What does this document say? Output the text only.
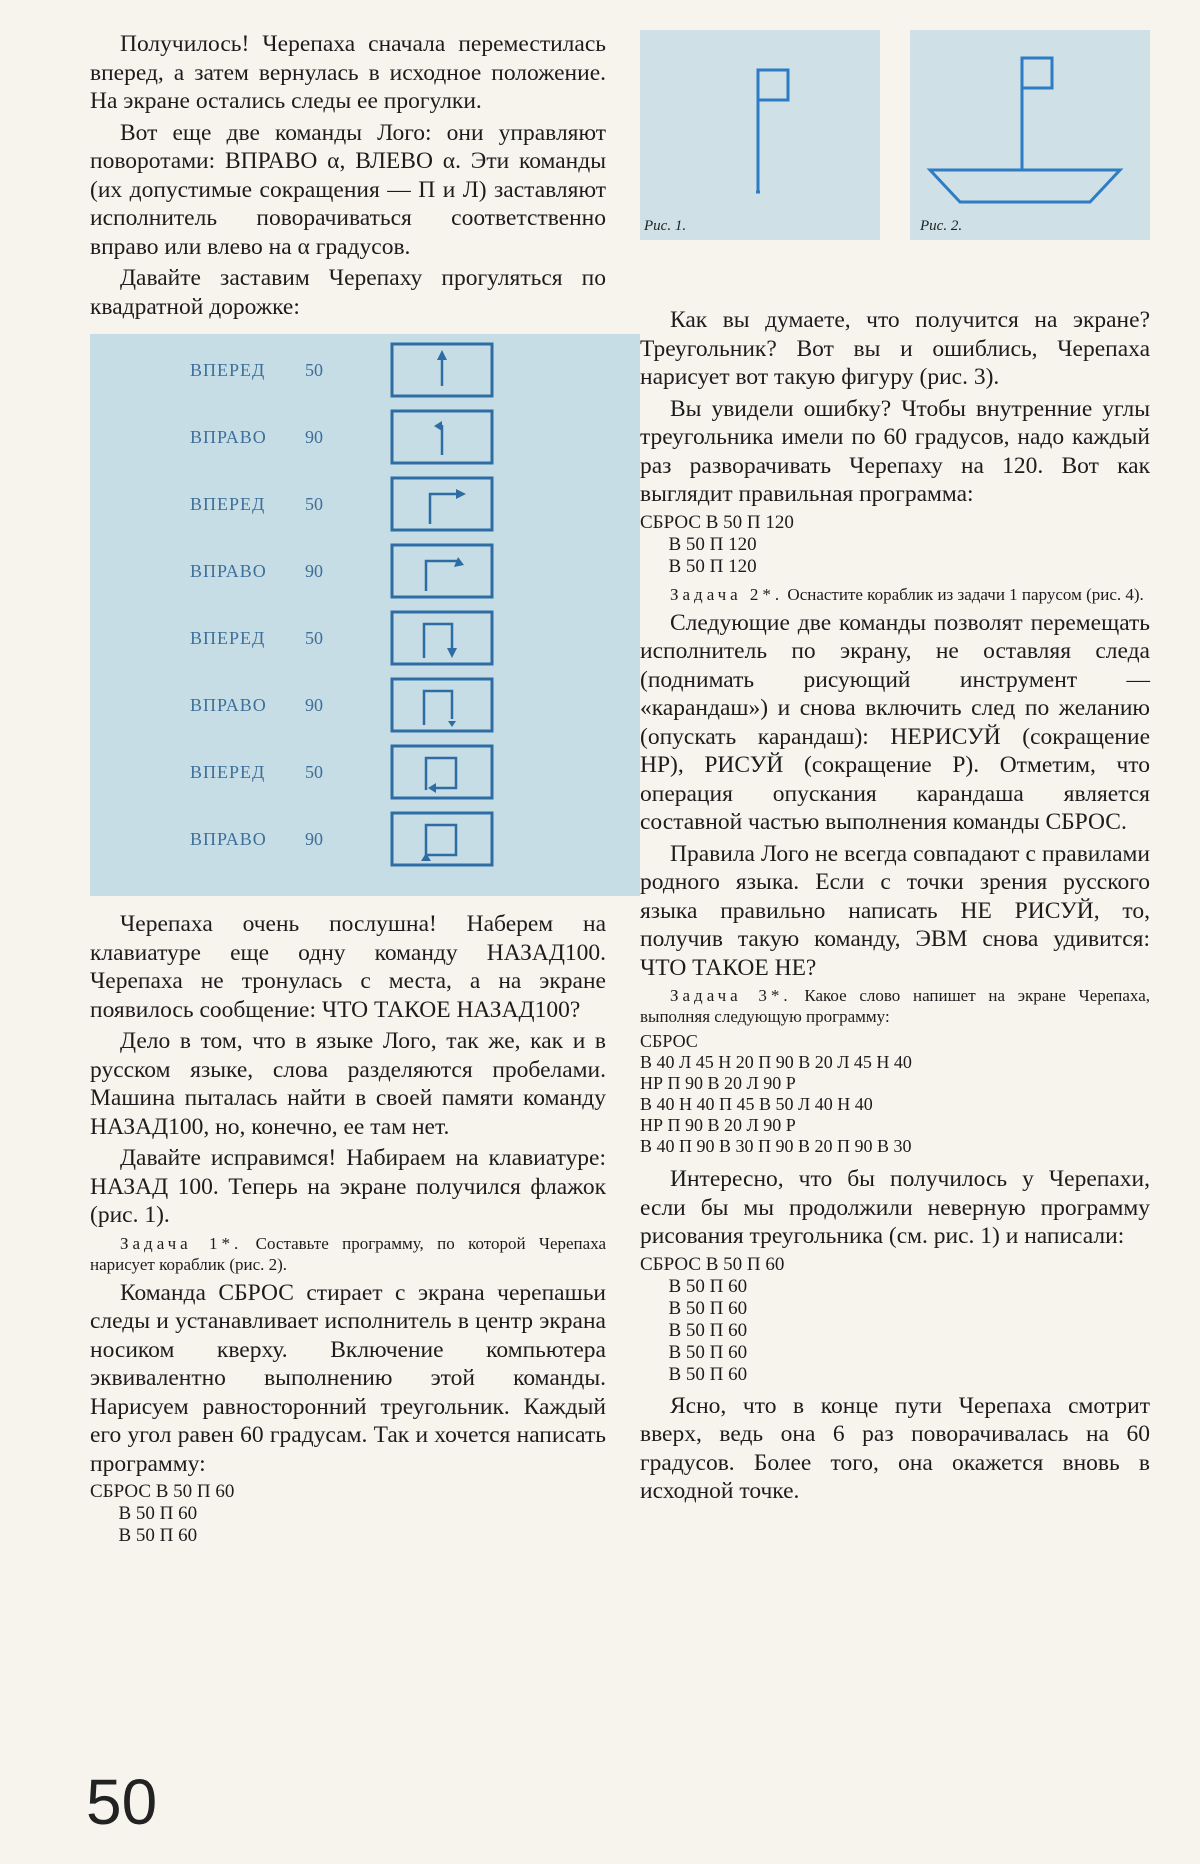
Получилось! Черепаха сначала переместилась вперед, а затем вернулась в исходное положение. На экране остались следы ее прогулки.

Вот еще две команды Лого: они управляют поворотами: ВПРАВО α, ВЛЕВО α. Эти команды (их допустимые сокращения — П и Л) заставляют исполнитель поворачиваться соответственно вправо или влево на α градусов.

Давайте заставим Черепаху прогуляться по квадратной дорожке:

ВПЕРЕД 50
ВПРАВО 90
ВПЕРЕД 50
ВПРАВО 90
ВПЕРЕД 50
ВПРАВО 90
ВПЕРЕД 50
ВПРАВО 90

Черепаха очень послушна! Наберем на клавиатуре еще одну команду НАЗАД100. Черепаха не тронулась с места, а на экране появилось сообщение: ЧТО ТАКОЕ НАЗАД100?

Дело в том, что в языке Лого, так же, как и в русском языке, слова разделяются пробелами. Машина пыталась найти в своей памяти команду НАЗАД100, но, конечно, ее там нет.

Давайте исправимся! Набираем на клавиатуре: НАЗАД 100. Теперь на экране получился флажок (рис. 1).

Задача 1*. Составьте программу, по которой Черепаха нарисует кораблик (рис. 2).

Команда СБРОС стирает с экрана черепашьи следы и устанавливает исполнитель в центр экрана носиком кверху. Включение компьютера эквивалентно выполнению этой команды. Нарисуем равносторонний треугольник. Каждый его угол равен 60 градусам. Так и хочется написать программу:

СБРОС В 50 П 60
В 50 П 60
В 50 П 60
Рис. 1.	Рис. 2.

Как вы думаете, что получится на экране? Треугольник? Вот вы и ошиблись, Черепаха нарисует вот такую фигуру (рис. 3).

Вы увидели ошибку? Чтобы внутренние углы треугольника имели по 60 градусов, надо каждый раз разворачивать Черепаху на 120. Вот как выглядит правильная программа:

СБРОС В 50 П 120
В 50 П 120
В 50 П 120

Задача 2*. Оснастите кораблик из задачи 1 парусом (рис. 4).

Следующие две команды позволят перемещать исполнитель по экрану, не оставляя следа (поднимать рисующий инструмент — «карандаш») и снова включить след по желанию (опускать карандаш): НЕРИСУЙ (сокращение НР), РИСУЙ (сокращение Р). Отметим, что операция опускания карандаша является составной частью выполнения команды СБРОС.

Правила Лого не всегда совпадают с правилами родного языка. Если с точки зрения русского языка правильно написать НЕ РИСУЙ, то, получив такую команду, ЭВМ снова удивится: ЧТО ТАКОЕ НЕ?

Задача 3*. Какое слово напишет на экране Черепаха, выполняя следующую программу:

СБРОС
В 40 Л 45 Н 20 П 90 В 20 Л 45 Н 40
НР П 90 В 20 Л 90 Р
В 40 Н 40 П 45 В 50 Л 40 Н 40
НР П 90 В 20 Л 90 Р
В 40 П 90 В 30 П 90 В 20 П 90 В 30

Интересно, что бы получилось у Черепахи, если бы мы продолжили неверную программу рисования треугольника (см. рис. 1) и написали:

СБРОС В 50 П 60
В 50 П 60
В 50 П 60
В 50 П 60
В 50 П 60
В 50 П 60

Ясно, что в конце пути Черепаха смотрит вверх, ведь она 6 раз поворачивалась на 60 градусов. Более того, она окажется вновь в исходной точке.

50
